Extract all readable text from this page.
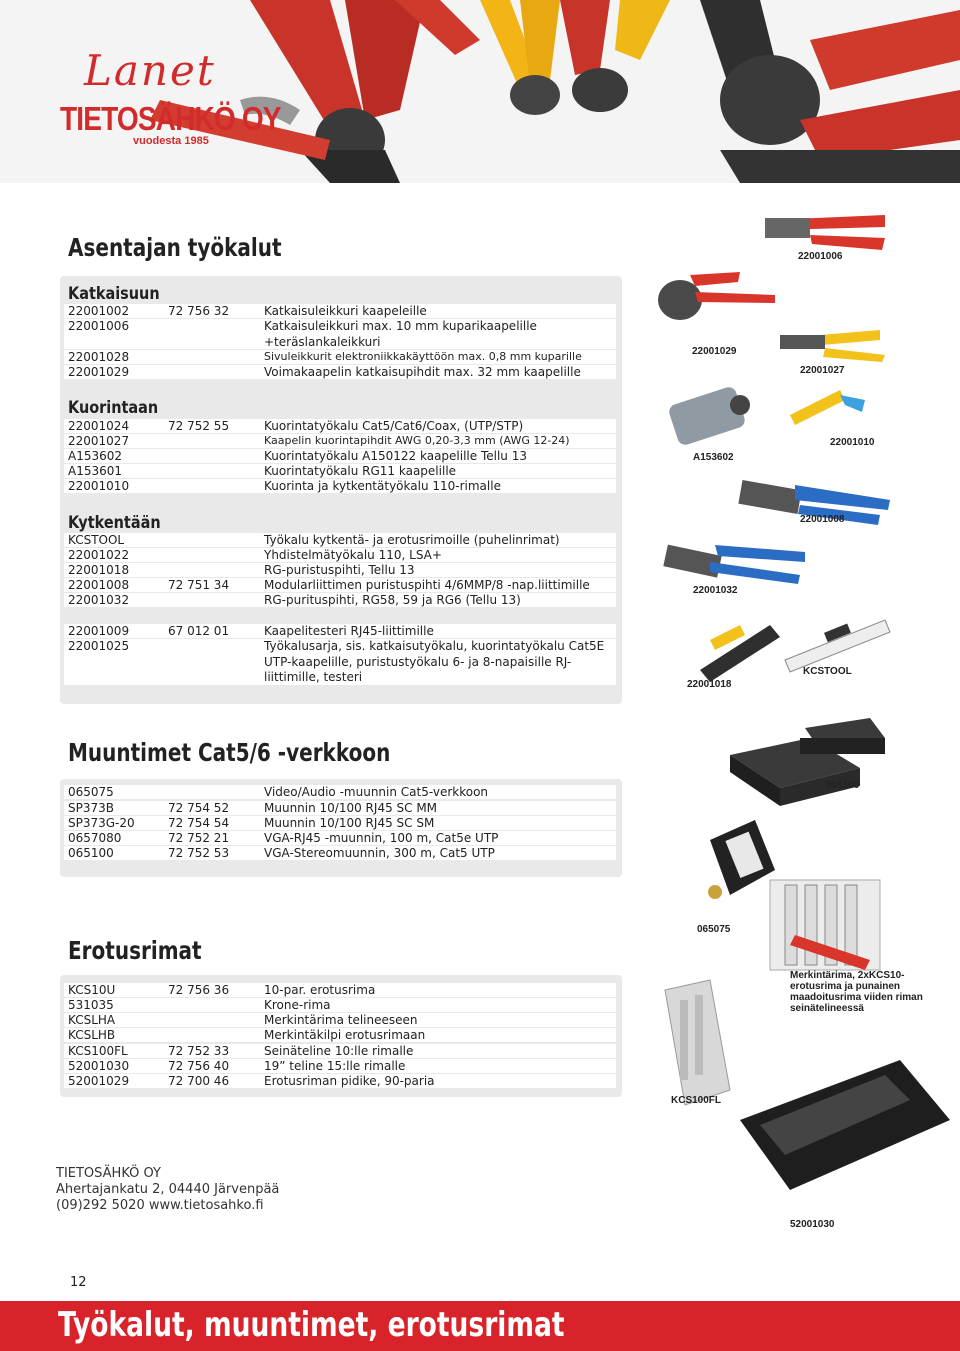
Lanet
TIETOSÄHKÖ OY
vuodesta 1985
Asentajan työkalut
Katkaisuun
22001002	72 756 32	Katkaisuleikkuri kaapeleille
22001006	Katkaisuleikkuri max. 10 mm kuparikaapelille +teräslankaleikkuri
22001028	Sivuleikkurit elektroniikkakäyttöön max. 0,8 mm kuparille
22001029	Voimakaapelin katkaisupihdit max. 32 mm kaapelille
Kuorintaan
22001024	72 752 55	Kuorintatyökalu Cat5/Cat6/Coax, (UTP/STP)
22001027	Kaapelin kuorintapihdit AWG 0,20-3,3 mm (AWG 12-24)
A153602	Kuorintatyökalu A150122 kaapelille Tellu 13
A153601	Kuorintatyökalu RG11 kaapelille
22001010	Kuorinta ja kytkentätyökalu 110-rimalle
Kytkentään
KCSTOOL	Työkalu kytkentä- ja erotusrimoille (puhelinrimat)
22001022	Yhdistelmätyökalu 110, LSA+
22001018	RG-puristuspihti, Tellu 13
22001008	72 751 34	Modularliittimen puristuspihti 4/6MMP/8 -nap.liittimille
22001032	RG-purituspihti, RG58, 59 ja RG6 (Tellu 13)
22001009	67 012 01	Kaapelitesteri RJ45-liittimille
22001025	Työkalusarja, sis. katkaisutyökalu, kuorintatyökalu Cat5E UTP-kaapelille, puristustyökalu 6- ja 8-napaisille RJ-liittimille, testeri
22001006
22001029
22001027
A153602
22001010
22001008
22001032
22001018
KCSTOOL
Muuntimet Cat5/6 -verkkoon
065075	Video/Audio -muunnin Cat5-verkkoon
SP373B	72 754 52	Muunnin 10/100 RJ45 SC MM
SP373G-20	72 754 54	Muunnin 10/100 RJ45 SC SM
0657080	72 752 21	VGA-RJ45 -muunnin, 100 m, Cat5e UTP
065100	72 752 53	VGA-Stereomuunnin, 300 m, Cat5 UTP
065100
065075
Erotusrimat
KCS10U	72 756 36	10-par. erotusrima
531035	Krone-rima
KCSLHA	Merkintärima telineeseen
KCSLHB	Merkintäkilpi erotusrimaan
KCS100FL	72 752 33	Seinäteline 10:lle rimalle
52001030	72 756 40	19” teline 15:lle rimalle
52001029	72 700 46	Erotusriman pidike, 90-paria
Merkintärima, 2xKCS10-erotusrima ja punainen maadoitusrima viiden riman seinätelineessä
KCS100FL
52001030
TIETOSÄHKÖ OY
Ahertajankatu 2, 04440 Järvenpää
(09)292 5020 www.tietosahko.fi
12
Työkalut, muuntimet, erotusrimat
